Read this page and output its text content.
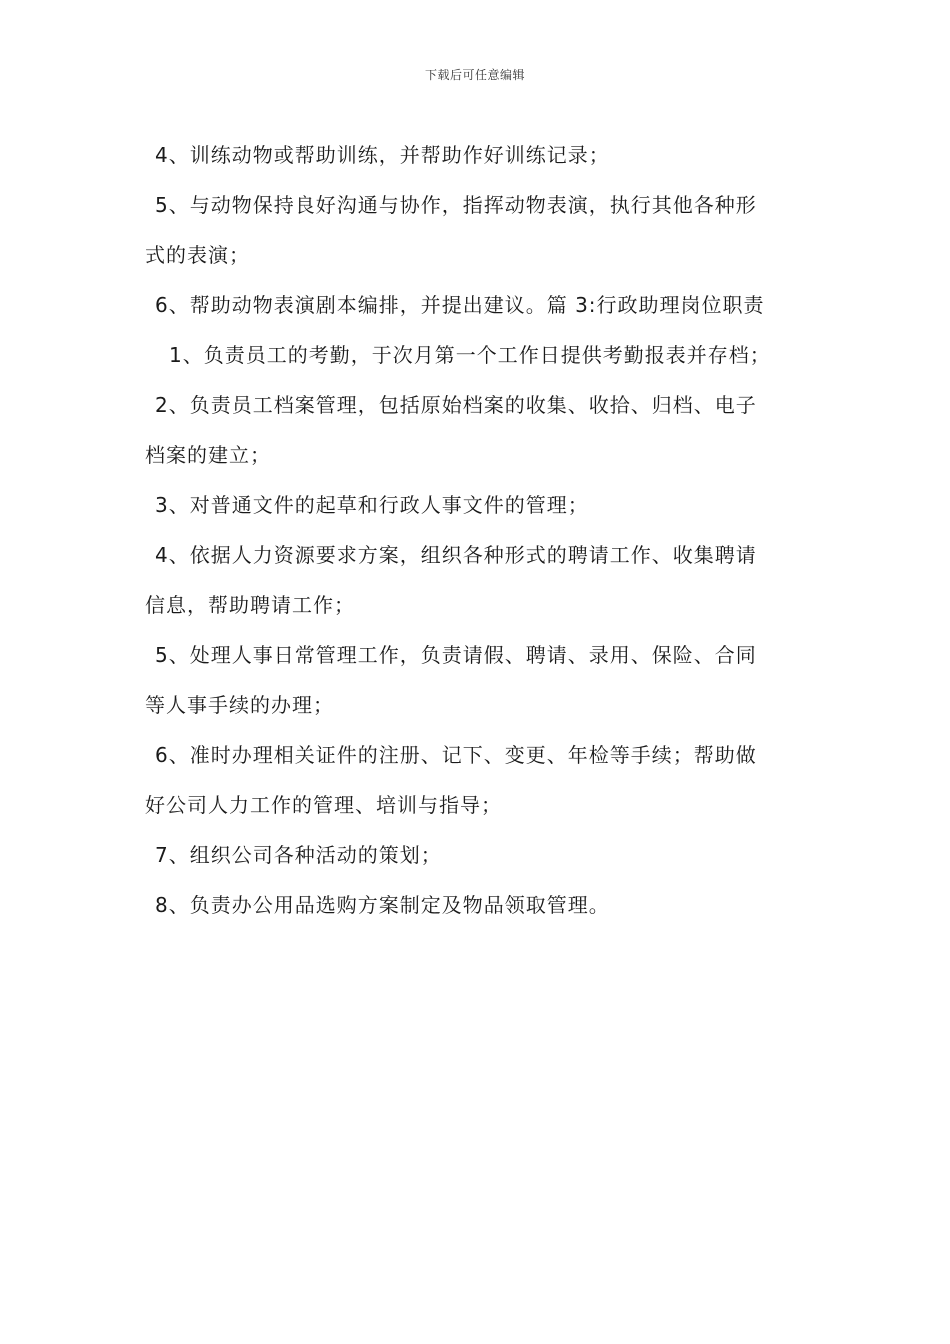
下载后可任意编辑
4、训练动物或帮助训练，并帮助作好训练记录；
5、与动物保持良好沟通与协作，指挥动物表演，执行其他各种形
式的表演；
6、帮助动物表演剧本编排，并提出建议。篇 3:行政助理岗位职责
1、负责员工的考勤，于次月第一个工作日提供考勤报表并存档；
2、负责员工档案管理，包括原始档案的收集、收拾、归档、电子
档案的建立；
3、对普通文件的起草和行政人事文件的管理；
4、依据人力资源要求方案，组织各种形式的聘请工作、收集聘请
信息，帮助聘请工作；
5、处理人事日常管理工作，负责请假、聘请、录用、保险、合同
等人事手续的办理；
6、准时办理相关证件的注册、记下、变更、年检等手续；帮助做
好公司人力工作的管理、培训与指导；
7、组织公司各种活动的策划；
8、负责办公用品选购方案制定及物品领取管理。
